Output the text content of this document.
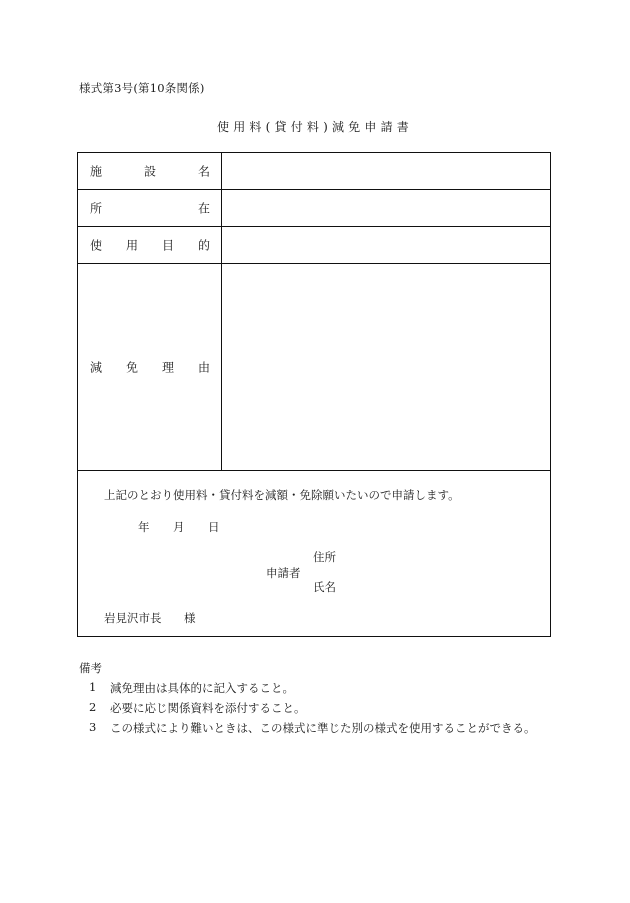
様式第3号(第10条関係)
使用料(貸付料)減免申請書
施	設	名
所	在
使 用 目 的
減 免 理 由
上記のとおり使用料・貸付料を減額・免除願いたいので申請します。
年 月 日
住所
申請者
氏名
岩見沢市長 様
備考
1 減免理由は具体的に記入すること。
2 必要に応じ関係資料を添付すること。
3 この様式により難いときは、この様式に準じた別の様式を使用することができる。
